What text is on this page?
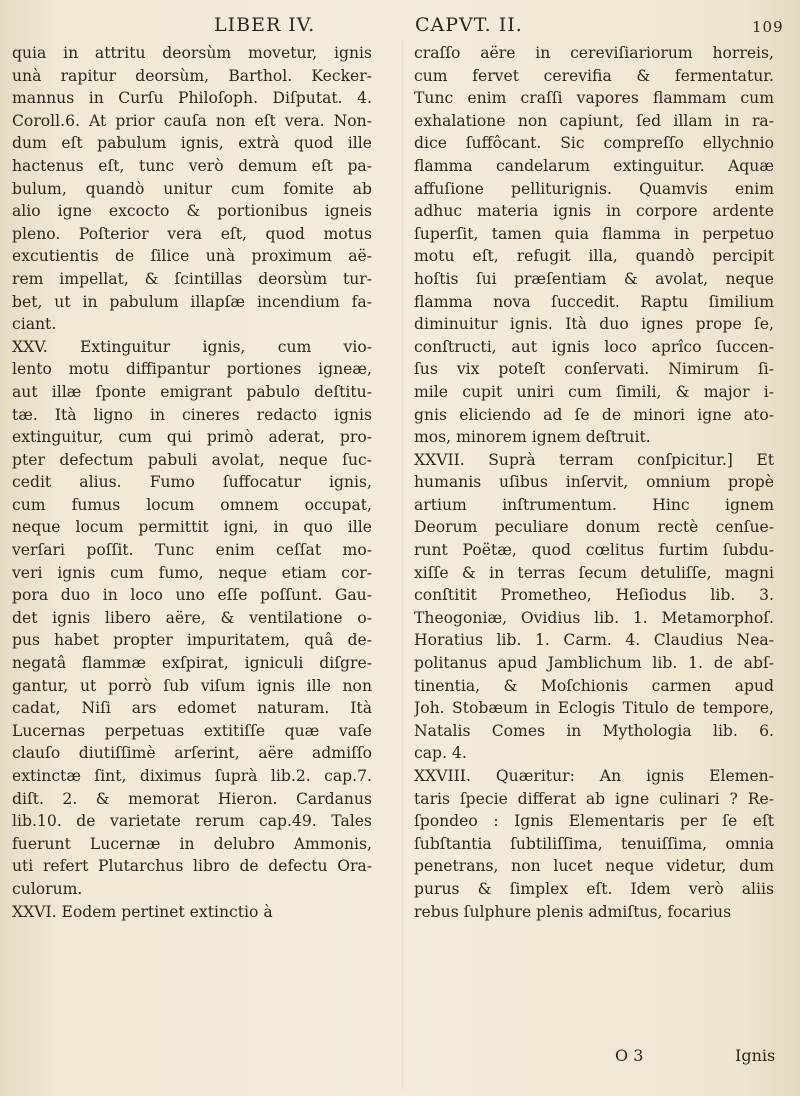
LIBER IV.	CAPVT. II.	109
quia in attritu deorsùm movetur, ignis
unà rapitur deorsùm, Barthol. Kecker-
mannus in Curſu Philoſoph. Diſputat. 4.
Coroll.6. At prior cauſa non eſt vera. Non-
dum eſt pabulum ignis, extrà quod ille
hactenus eſt, tunc verò demum eſt pa-
bulum, quandò unitur cum fomite ab
alio igne excocto & portionibus igneis
pleno. Poſterior vera eſt, quod motus
excutientis de ſilice unà proximum aë-
rem impellat, & ſcintillas deorsùm tur-
bet, ut in pabulum illapſæ incendium fa-
ciant.
XXV. Extinguitur ignis, cum vio-
lento motu diffipantur portiones igneæ,
aut illæ ſponte emigrant pabulo deſtitu-
tæ. Ità ligno in cineres redacto ignis
extinguitur, cum qui primò aderat, pro-
pter defectum pabuli avolat, neque ſuc-
cedit alius. Fumo ſuffocatur ignis,
cum fumus locum omnem occupat,
neque locum permittit igni, in quo ille
verſari poſſit. Tunc enim ceſſat mo-
veri ignis cum fumo, neque etiam cor-
pora duo in loco uno eſſe poſſunt. Gau-
det ignis libero aëre, & ventilatione o-
pus habet propter impuritatem, quâ de-
negatâ flammæ exſpirat, igniculi diſgre-
gantur, ut porrò ſub viſum ignis ille non
cadat, Niſi ars edomet naturam. Ità
Lucernas perpetuas extitiſſe quæ vaſe
clauſo diutiſſimè arſerint, aëre admiſſo
extinctæ ſint, diximus ſuprà lib.2. cap.7.
diſt. 2. & memorat Hieron. Cardanus
lib.10. de varietate rerum cap.49. Tales
fuerunt Lucernæ in delubro Ammonis,
uti refert Plutarchus libro de defectu Ora-
culorum.
XXVI. Eodem pertinet extinctio à
craſſo aëre in cereviſiariorum horreis,
cum fervet cerevifia & fermentatur.
Tunc enim craſſi vapores flammam cum
exhalatione non capiunt, ſed illam in ra-
dice ſuffôcant. Sic compreſſo ellychnio
flamma candelarum extinguitur. Aquæ
affuſione pelliturignis. Quamvis enim
adhuc materia ignis in corpore ardente
ſuperſit, tamen quia flamma in perpetuo
motu eſt, refugit illa, quandò percipit
hoſtis ſui præſentiam & avolat, neque
flamma nova ſuccedit. Raptu ſimilium
diminuitur ignis. Ità duo ignes prope ſe,
conſtructi, aut ignis loco aprîco ſuccen-
ſus vix poteſt conſervati. Nimirum ſi-
mile cupit uniri cum ſimili, & major i-
gnis eliciendo ad ſe de minori igne ato-
mos, minorem ignem deſtruit.
XXVII. Suprà terram conſpicitur.] Et
humanis uſibus inſervit, omnium propè
artium inſtrumentum. Hinc ignem
Deorum peculiare donum rectè cenſue-
runt Poëtæ, quod cœlitus furtim ſubdu-
xiſſe & in terras ſecum detuliſſe, magni
conſtitit Prometheo, Heſiodus lib. 3.
Theogoniæ, Ovidius lib. 1. Metamorphoſ.
Horatius lib. 1. Carm. 4. Claudius Nea-
politanus apud Jamblichum lib. 1. de abſ-
tinentia, & Moſchionis carmen apud
Joh. Stobæum in Eclogis Titulo de tempore,
Natalis Comes in Mythologia lib. 6.
cap. 4.
XXVIII. Quæritur: An ignis Elemen-
taris ſpecie differat ab igne culinari ? Re-
ſpondeo : Ignis Elementaris per ſe eſt
ſubſtantia ſubtiliſſima, tenuiſſima, omnia
penetrans, non lucet neque videtur, dum
purus & ſimplex eſt. Idem verò aliis
rebus ſulphure plenis admiſtus, focarius
O 3	Ignis
